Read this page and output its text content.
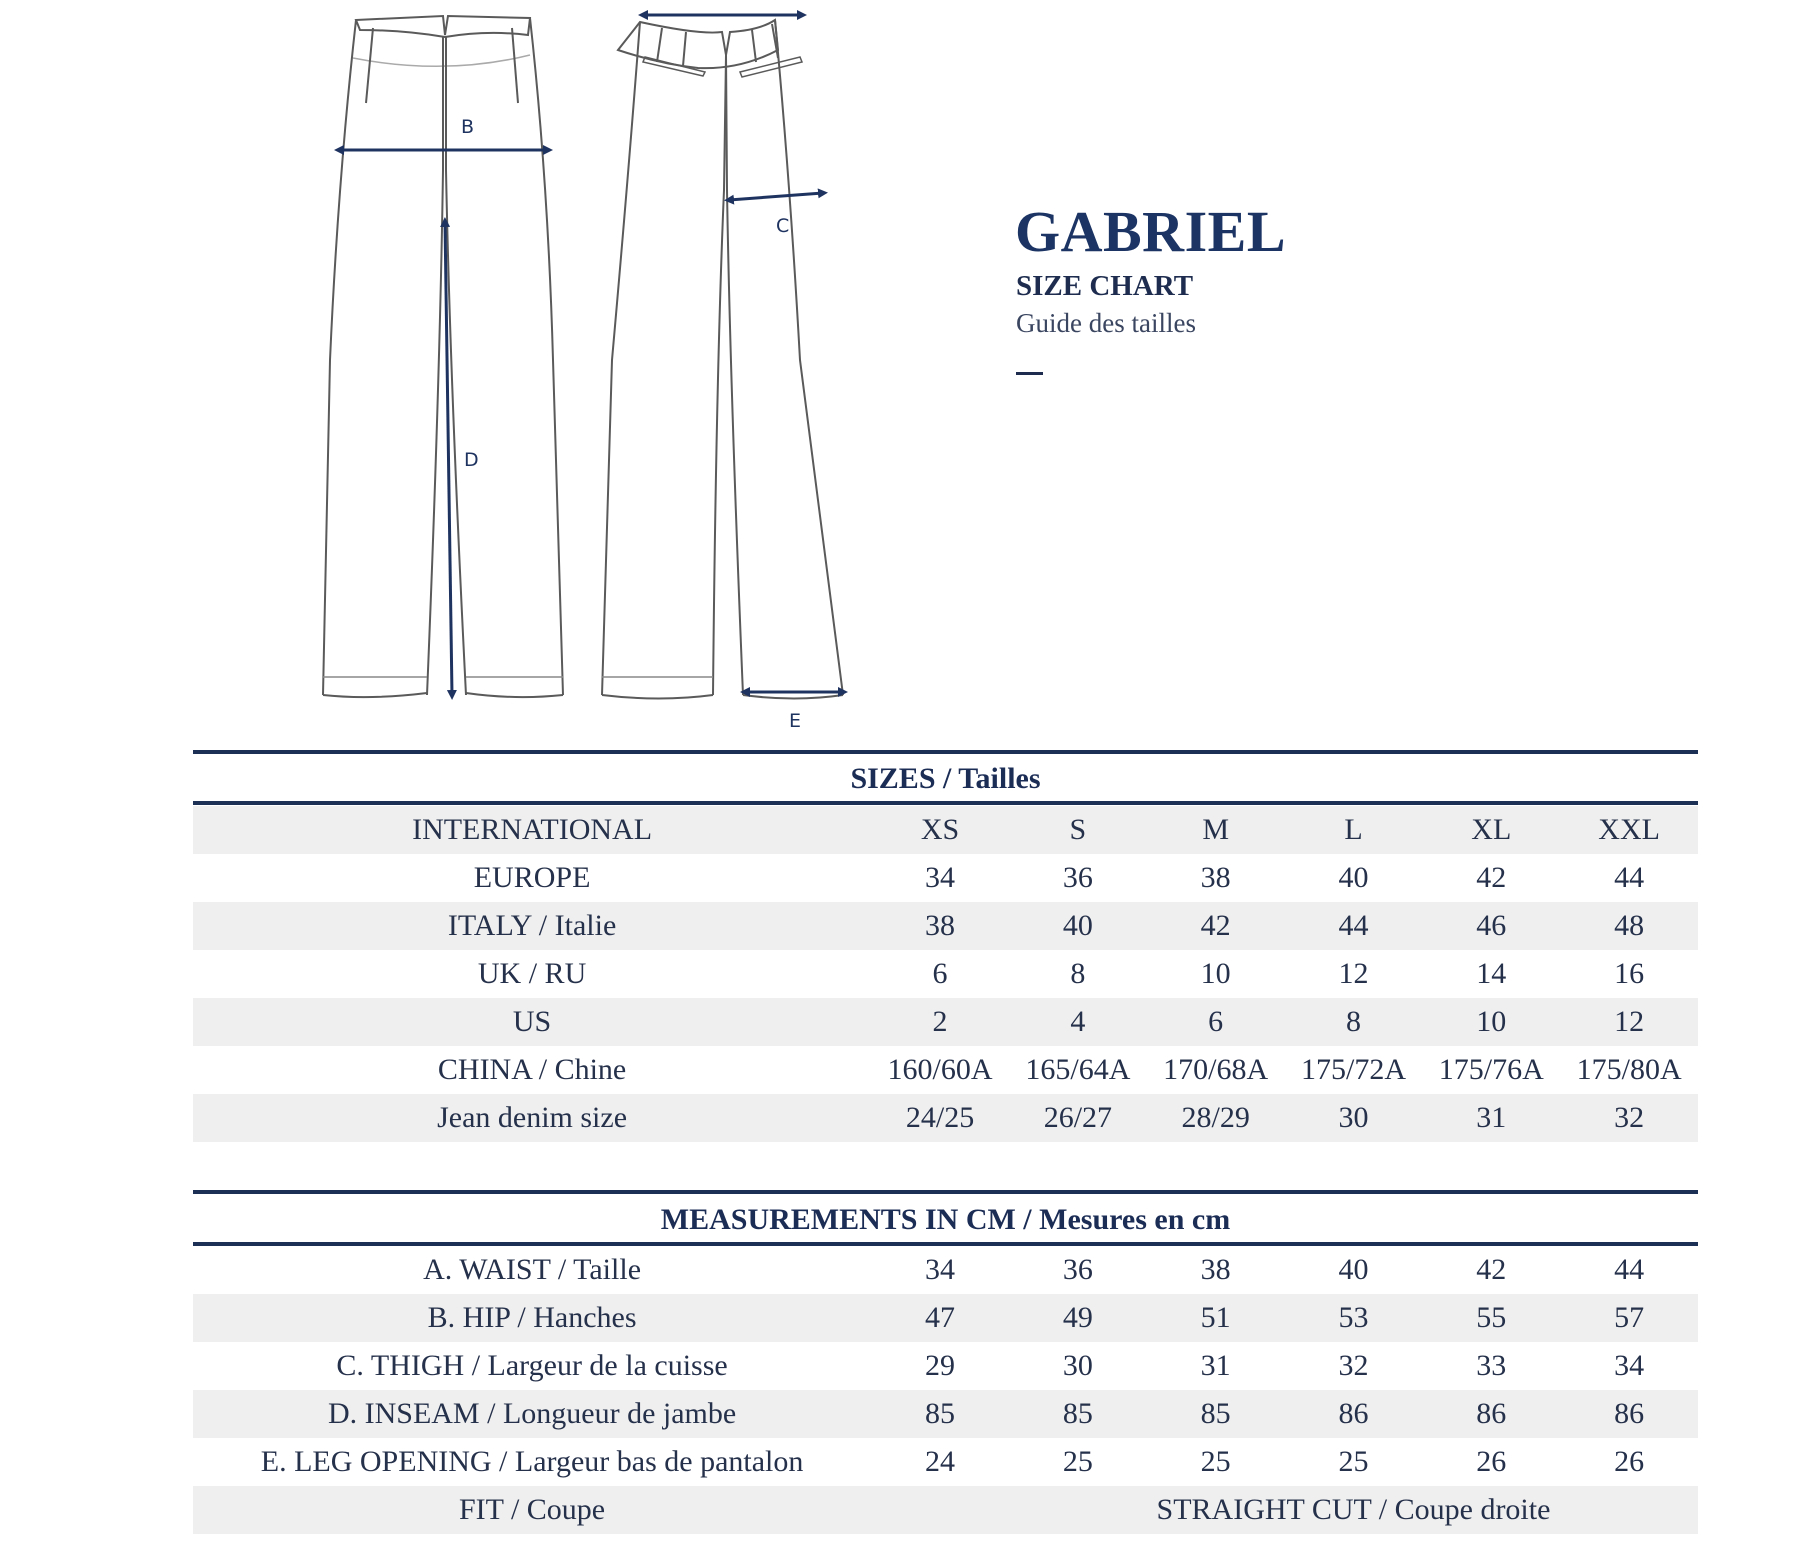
B
C
D
E
GABRIEL
SIZE CHART
Guide des tailles
SIZES / Tailles
INTERNATIONAL	XS	S	M	L	XL	XXL
EUROPE	34	36	38	40	42	44
ITALY / Italie	38	40	42	44	46	48
UK / RU	6	8	10	12	14	16
US	2	4	6	8	10	12
CHINA / Chine	160/60A	165/64A	170/68A	175/72A	175/76A	175/80A
Jean denim size	24/25	26/27	28/29	30	31	32
MEASUREMENTS IN CM / Mesures en cm
A. WAIST / Taille	34	36	38	40	42	44
B. HIP / Hanches	47	49	51	53	55	57
C. THIGH / Largeur de la cuisse	29	30	31	32	33	34
D. INSEAM / Longueur de jambe	85	85	85	86	86	86
E. LEG OPENING / Largeur bas de pantalon	24	25	25	25	26	26
FIT / Coupe	STRAIGHT CUT / Coupe droite
